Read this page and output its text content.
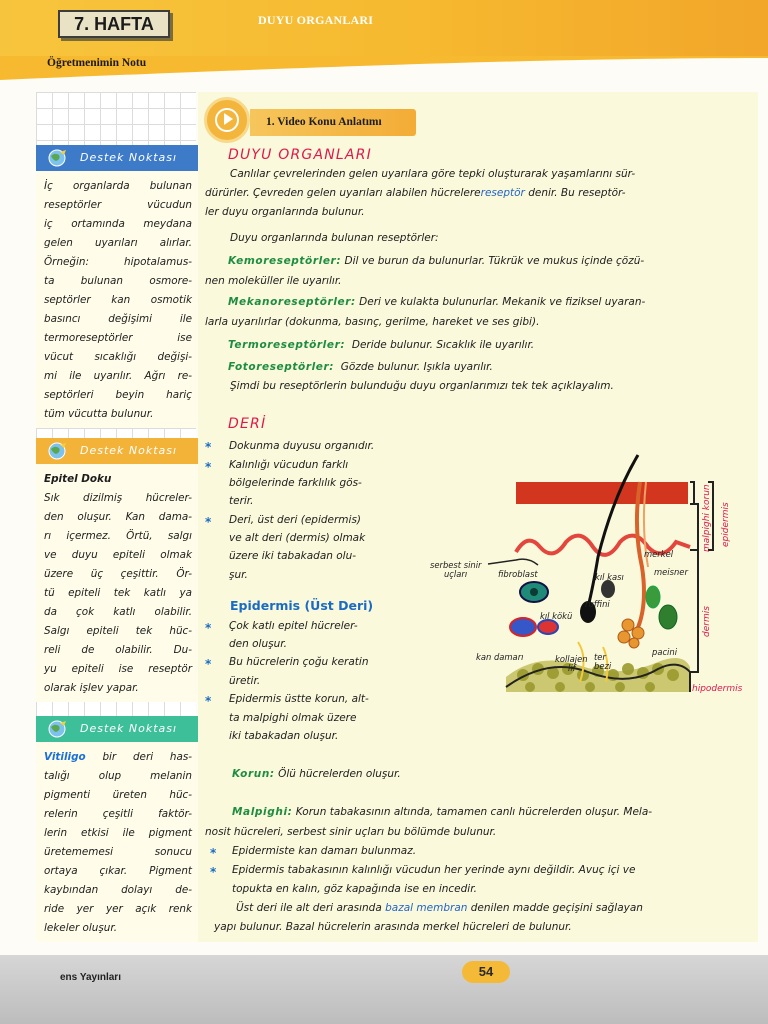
7. HAFTA	DUYU ORGANLARI
Öğretmenimin Notu
Destek Noktası
İç organlarda bulunan
reseptörler vücudun
iç ortamında meydana
gelen uyarıları alırlar.
Örneğin: hipotalamus-
ta bulunan osmore-
septörler kan osmotik
basıncı değişimi ile
termoreseptörler ise
vücut sıcaklığı değişi-
mi ile uyarılır. Ağrı re-
septörleri beyin hariç
tüm vücutta bulunur.
Destek Noktası
Epitel Doku
Sık dizilmiş hücreler-
den oluşur. Kan dama-
rı içermez. Örtü, salgı
ve duyu epiteli olmak
üzere üç çeşittir. Ör-
tü epiteli tek katlı ya
da çok katlı olabilir.
Salgı epiteli tek hüc-
reli de olabilir. Du-
yu epiteli ise reseptör
olarak işlev yapar.
Destek Noktası
Vitiligo bir deri has-
talığı olup melanin
pigmenti üreten hüc-
relerin çeşitli faktör-
lerin etkisi ile pigment
üretememesi sonucu
ortaya çıkar. Pigment
kaybından dolayı de-
ride yer yer açık renk
lekeler oluşur.
1. Video Konu Anlatımı
DUYU ORGANLARI
Canlılar çevrelerinden gelen uyarılara göre tepki oluşturarak yaşamlarını sür-
dürürler. Çevreden gelen uyarıları alabilen hücrelerereseptör denir. Bu reseptör-
ler duyu organlarında bulunur.
Duyu organlarında bulunan reseptörler:
Kemoreseptörler: Dil ve burun da bulunurlar. Tükrük ve mukus içinde çözü-
nen moleküller ile uyarılır.
Mekanoreseptörler: Deri ve kulakta bulunurlar. Mekanik ve fiziksel uyaran-
larla uyarılırlar (dokunma, basınç, gerilme, hareket ve ses gibi).
Termoreseptörler: Deride bulunur. Sıcaklık ile uyarılır.
Fotoreseptörler: Gözde bulunur. Işıkla uyarılır.
Şimdi bu reseptörlerin bulunduğu duyu organlarımızı tek tek açıklayalım.
DERİ
* Dokunma duyusu organıdır.
* Kalınlığı vücudun farklı
bölgelerinde farklılık gös-
terir.
* Deri, üst deri (epidermis)
ve alt deri (dermis) olmak
üzere iki tabakadan olu-
şur.
Epidermis (Üst Deri)
* Çok katlı epitel hücreler-
den oluşur.
* Bu hücrelerin çoğu keratin
üretir.
* Epidermis üstte korun, alt-
ta malpighi olmak üzere
iki tabakadan oluşur.
Korun: Ölü hücrelerden oluşur.
Malpighi: Korun tabakasının altında, tamamen canlı hücrelerden oluşur. Mela-
nosit hücreleri, serbest sinir uçları bu bölümde bulunur.
* Epidermiste kan damarı bulunmaz.
* Epidermis tabakasının kalınlığı vücudun her yerinde aynı değildir. Avuç içi ve
topukta en kalın, göz kapağında ise en incedir.
Üst deri ile alt deri arasında bazal membran denilen madde geçişini sağlayan
yapı bulunur. Bazal hücrelerin arasında merkel hücreleri de bulunur.
serbest sinir
uçları	fibroblast	kıl kası
merkel
meisner
ruffini
kıl kökü
kan damarı	kollajen
lif
ter
bezi
pacini
malpighi korun epidermis
dermis
hipodermis
ens Yayınları	54
